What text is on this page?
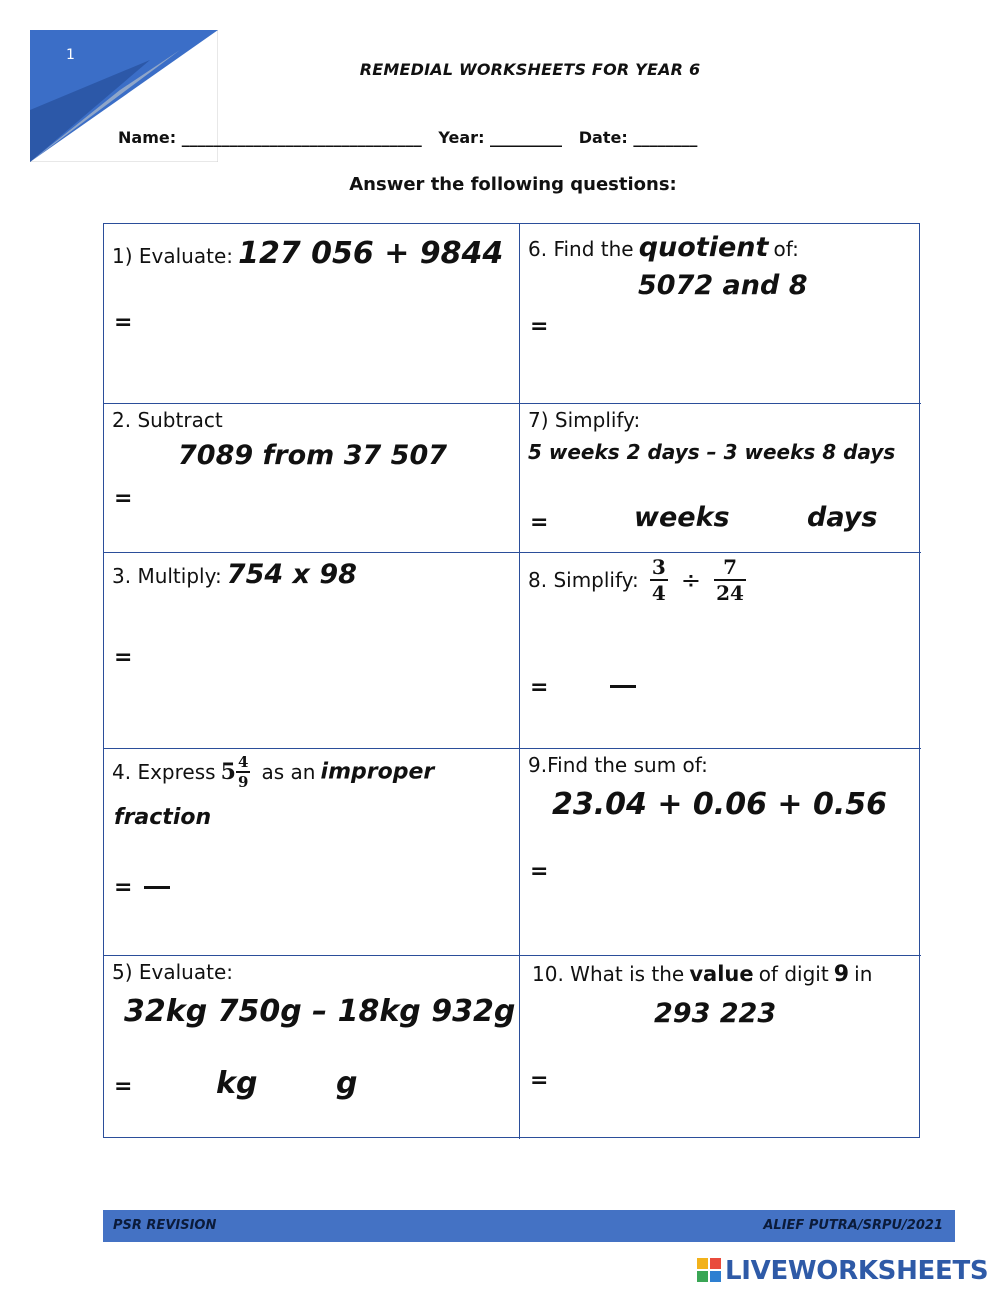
1
REMEDIAL WORKSHEETS FOR YEAR 6
Name: ______________________________ Year: _________ Date: ________
Answer the following questions:
1) Evaluate: 127 056 + 9844
=
6. Find the quotient of:
5072 and 8
=
2. Subtract
7089 from 37 507
=
7) Simplify:
5 weeks 2 days – 3 weeks 8 days
=	weeks	days
3. Multiply: 754 x 98
=
8. Simplify: $\frac{3}{4} \div \frac{7}{24}$
=
4. Express $5 \frac{4}{9}$ as an improper
fraction
=
9.Find the sum of:
23.04 + 0.06 + 0.56
=
5) Evaluate:
32kg 750g – 18kg 932g
=	kg	g
10. What is the value of digit 9 in
293 223
=
PSR REVISION	ALIEF PUTRA/SRPU/2021
LIVEWORKSHEETS
